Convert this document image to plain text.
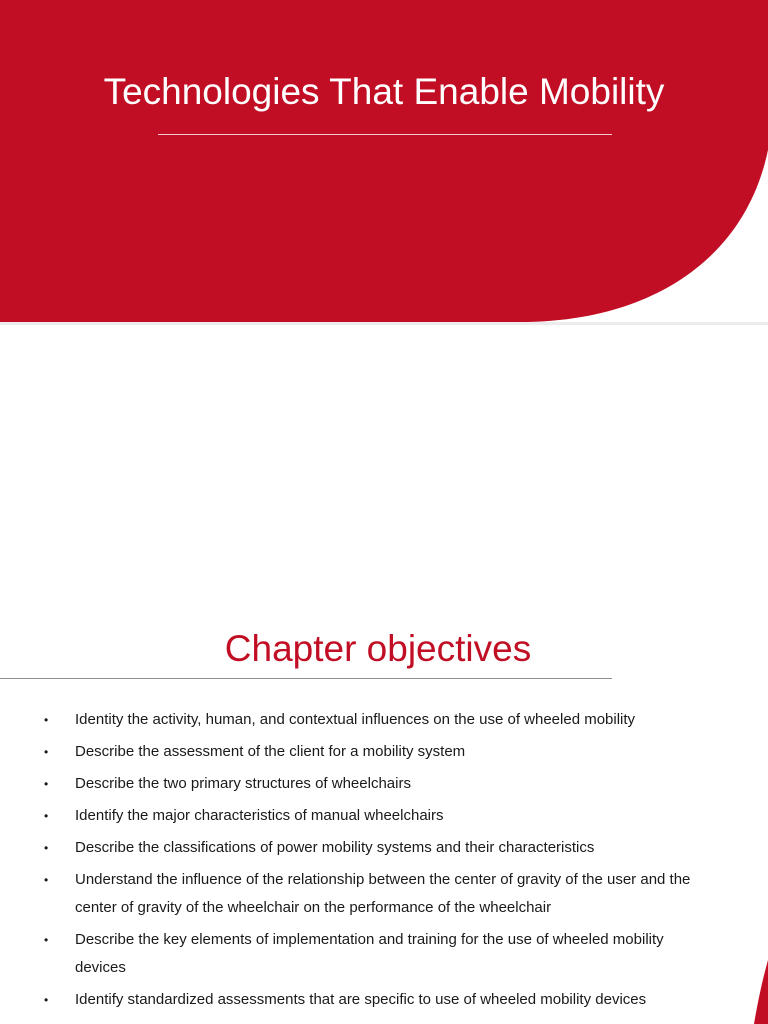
Technologies That Enable Mobility
Chapter objectives
• Identity the activity, human, and contextual influences on the use of wheeled mobility
• Describe the assessment of the client for a mobility system
• Describe the two primary structures of wheelchairs
• Identify the major characteristics of manual wheelchairs
• Describe the classifications of power mobility systems and their characteristics
• Understand the influence of the relationship between the center of gravity of the user and the center of gravity of the wheelchair on the performance of the wheelchair
• Describe the key elements of implementation and training for the use of wheeled mobility devices
• Identify standardized assessments that are specific to use of wheeled mobility devices
